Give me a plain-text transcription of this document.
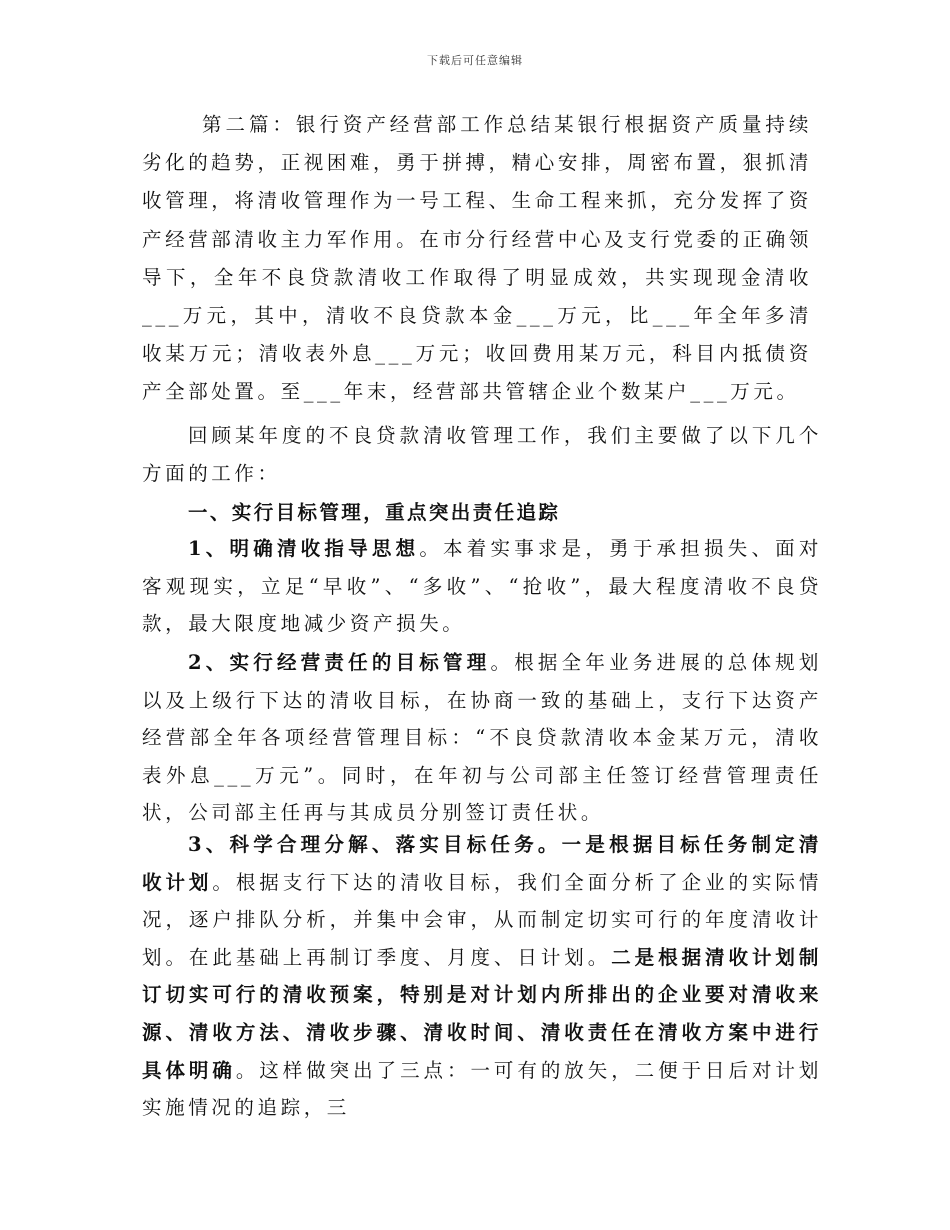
下载后可任意编辑

第二篇：银行资产经营部工作总结某银行根据资产质量持续劣化的趋势，正视困难，勇于拼搏，精心安排，周密布置，狠抓清收管理，将清收管理作为一号工程、生命工程来抓，充分发挥了资产经营部清收主力军作用。在市分行经营中心及支行党委的正确领导下，全年不良贷款清收工作取得了明显成效，共实现现金清收___万元，其中，清收不良贷款本金___万元，比___年全年多清收某万元；清收表外息___万元；收回费用某万元，科目内抵债资产全部处置。至___年末，经营部共管辖企业个数某户___万元。

回顾某年度的不良贷款清收管理工作，我们主要做了以下几个方面的工作：

一、实行目标管理，重点突出责任追踪

1、明确清收指导思想。本着实事求是，勇于承担损失、面对客观现实，立足“早收”、“多收”、“抢收”，最大程度清收不良贷款，最大限度地减少资产损失。

2、实行经营责任的目标管理。根据全年业务进展的总体规划以及上级行下达的清收目标，在协商一致的基础上，支行下达资产经营部全年各项经营管理目标：“不良贷款清收本金某万元，清收表外息___万元”。同时，在年初与公司部主任签订经营管理责任状，公司部主任再与其成员分别签订责任状。

3、科学合理分解、落实目标任务。一是根据目标任务制定清收计划。根据支行下达的清收目标，我们全面分析了企业的实际情况，逐户排队分析，并集中会审，从而制定切实可行的年度清收计划。在此基础上再制订季度、月度、日计划。二是根据清收计划制订切实可行的清收预案，特别是对计划内所排出的企业要对清收来源、清收方法、清收步骤、清收时间、清收责任在清收方案中进行具体明确。这样做突出了三点：一可有的放矢，二便于日后对计划实施情况的追踪，三
